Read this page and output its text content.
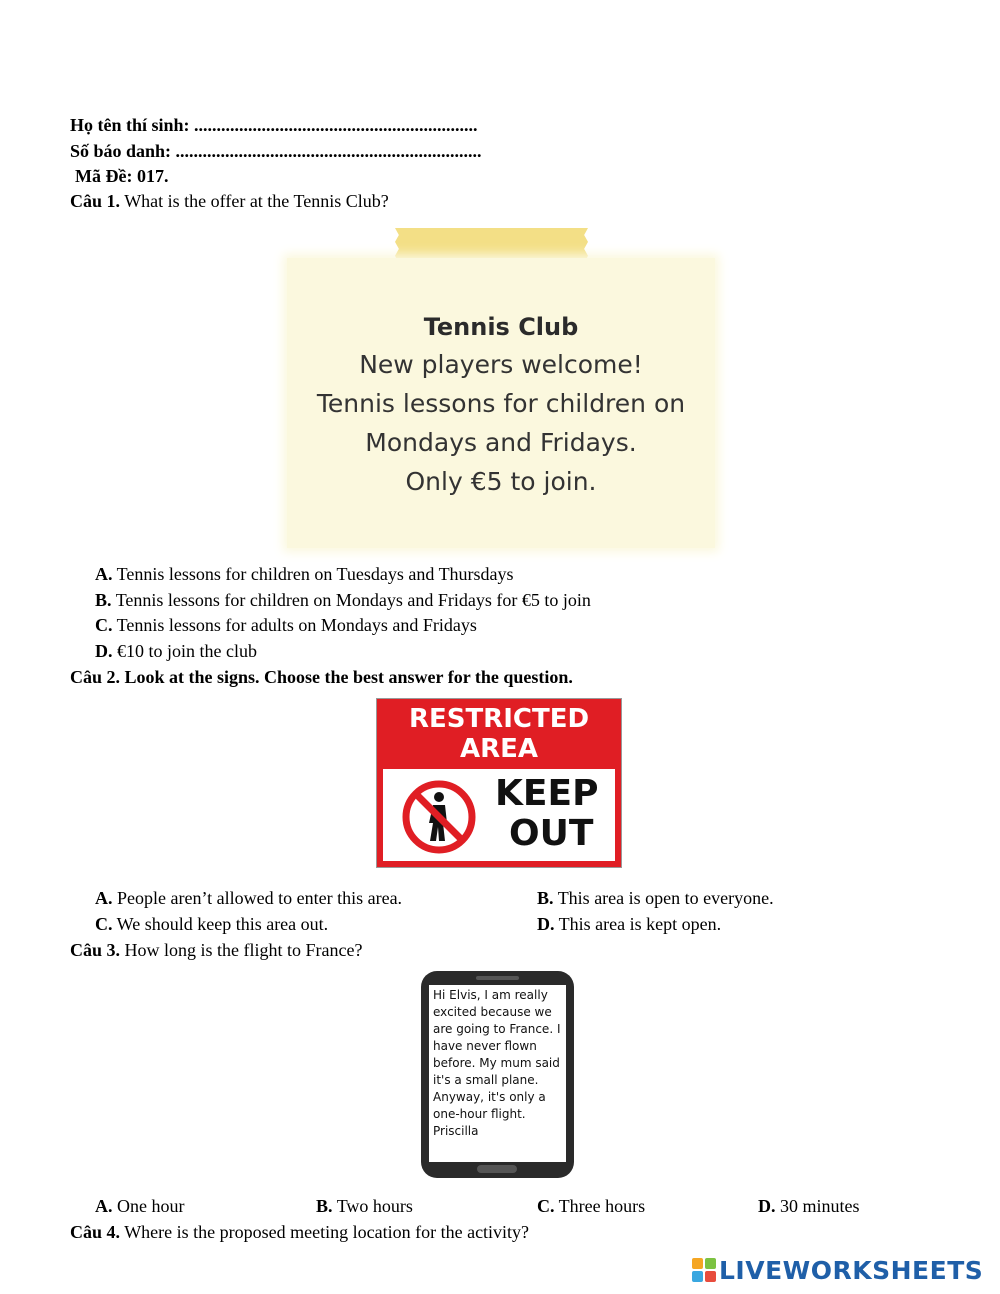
Họ tên thí sinh: ...............................................................
Số báo danh: ....................................................................
Mã Đề: 017.
Câu 1. What is the offer at the Tennis Club?
Tennis Club
New players welcome!
Tennis lessons for children on
Mondays and Fridays.
Only €5 to join.
A. Tennis lessons for children on Tuesdays and Thursdays
B. Tennis lessons for children on Mondays and Fridays for €5 to join
C. Tennis lessons for adults on Mondays and Fridays
D. €10 to join the club
Câu 2. Look at the signs. Choose the best answer for the question.
RESTRICTED
AREA
KEEP
OUT
A. People aren’t allowed to enter this area.	B. This area is open to everyone.
C. We should keep this area out.	D. This area is kept open.
Câu 3. How long is the flight to France?
Hi Elvis, I am really excited because we are going to France. I have never flown before. My mum said it's a small plane. Anyway, it's only a one-hour flight. Priscilla
A. One hour	B. Two hours	C. Three hours	D. 30 minutes
Câu 4. Where is the proposed meeting location for the activity?
LIVEWORKSHEETS
